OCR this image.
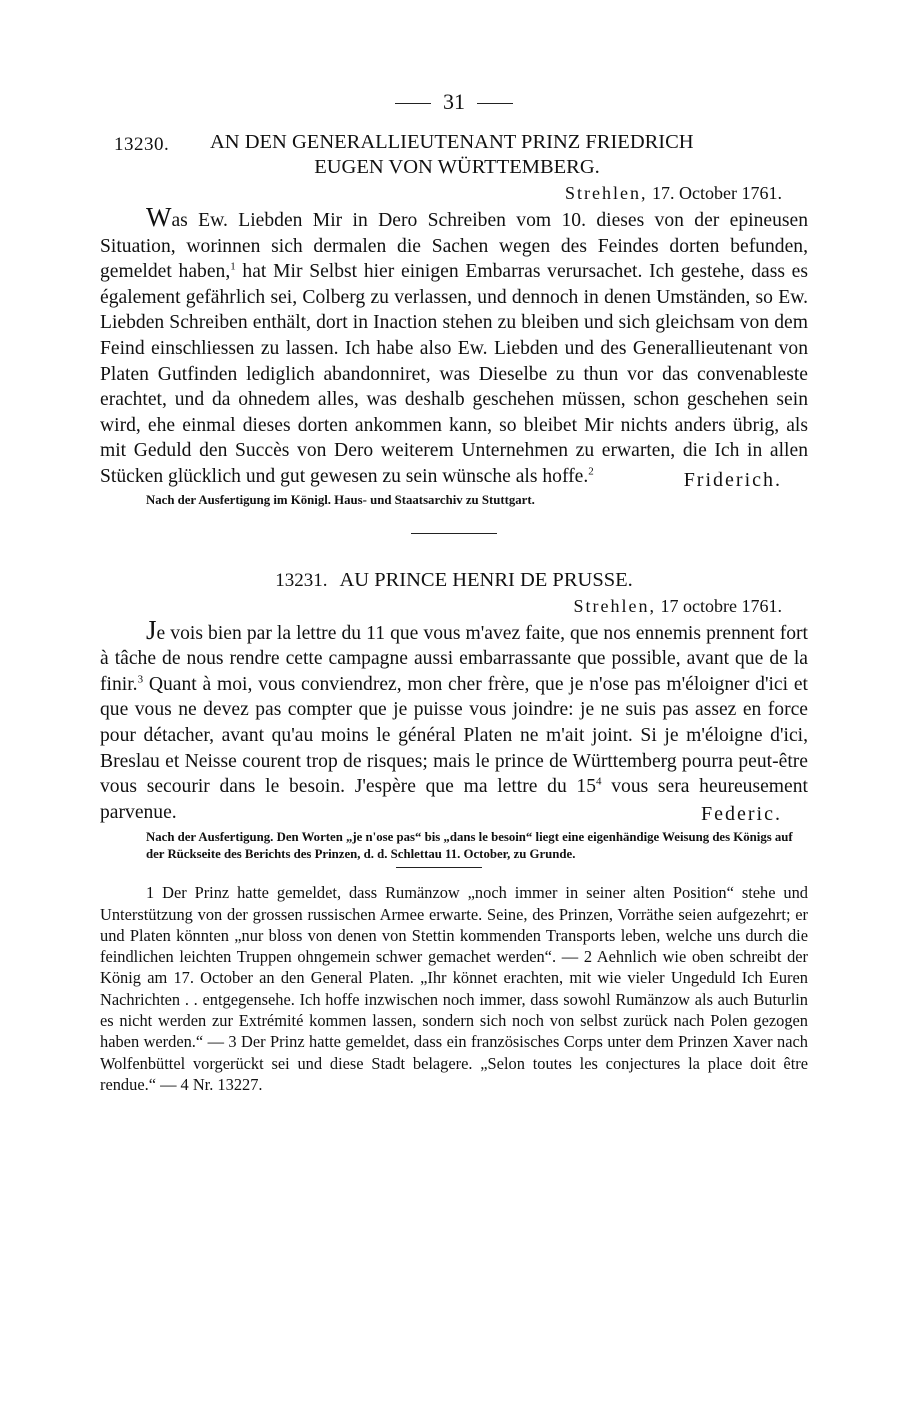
31
13230.	AN DEN GENERALLIEUTENANT PRINZ FRIEDRICH
EUGEN VON WÜRTTEMBERG.
Strehlen, 17. October 1761.
Was Ew. Liebden Mir in Dero Schreiben vom 10. dieses von der epineusen Situation, worinnen sich dermalen die Sachen wegen des Feindes dorten befunden, gemeldet haben,$^1$ hat Mir Selbst hier einigen Embarras verursachet. Ich gestehe, dass es également gefährlich sei, Colberg zu verlassen, und dennoch in denen Umständen, so Ew. Liebden Schreiben enthält, dort in Inaction stehen zu bleiben und sich gleichsam von dem Feind einschliessen zu lassen. Ich habe also Ew. Liebden und des Generallieutenant von Platen Gutfinden lediglich abandonniret, was Dieselbe zu thun vor das convenableste erachtet, und da ohnedem alles, was deshalb geschehen müssen, schon geschehen sein wird, ehe einmal dieses dorten ankommen kann, so bleibet Mir nichts anders übrig, als mit Geduld den Succès von Dero weiterem Unternehmen zu erwarten, die Ich in allen Stücken glücklich und gut gewesen zu sein wünsche als hoffe.$^2$	Friderich.
Nach der Ausfertigung im Königl. Haus- und Staatsarchiv zu Stuttgart.
13231. AU PRINCE HENRI DE PRUSSE.
Strehlen, 17 octobre 1761.
Je vois bien par la lettre du 11 que vous m'avez faite, que nos ennemis prennent fort à tâche de nous rendre cette campagne aussi embarrassante que possible, avant que de la finir.$^3$ Quant à moi, vous conviendrez, mon cher frère, que je n'ose pas m'éloigner d'ici et que vous ne devez pas compter que je puisse vous joindre: je ne suis pas assez en force pour détacher, avant qu'au moins le général Platen ne m'ait joint. Si je m'éloigne d'ici, Breslau et Neisse courent trop de risques; mais le prince de Württemberg pourra peut-être vous secourir dans le besoin. J'espère que ma lettre du $15^4$ vous sera heureusement parvenue.	Federic.
Nach der Ausfertigung. Den Worten „je n'ose pas“ bis „dans le besoin“ liegt eine eigenhändige Weisung des Königs auf der Rückseite des Berichts des Prinzen, d. d. Schlettau 11. October, zu Grunde.

1 Der Prinz hatte gemeldet, dass Rumänzow „noch immer in seiner alten Position“ stehe und Unterstützung von der grossen russischen Armee erwarte. Seine, des Prinzen, Vorräthe seien aufgezehrt; er und Platen könnten „nur bloss von denen von Stettin kommenden Transports leben, welche uns durch die feindlichen leichten Truppen ohngemein schwer gemachet werden“. — 2 Aehnlich wie oben schreibt der König am 17. October an den General Platen. „Ihr könnet erachten, mit wie vieler Ungeduld Ich Euren Nachrichten . . entgegensehe. Ich hoffe inzwischen noch immer, dass sowohl Rumänzow als auch Buturlin es nicht werden zur Extrémité kommen lassen, sondern sich noch von selbst zurück nach Polen gezogen haben werden.“ — 3 Der Prinz hatte gemeldet, dass ein französisches Corps unter dem Prinzen Xaver nach Wolfenbüttel vorgerückt sei und diese Stadt belagere. „Selon toutes les conjectures la place doit être rendue.“ — 4 Nr. 13227.
